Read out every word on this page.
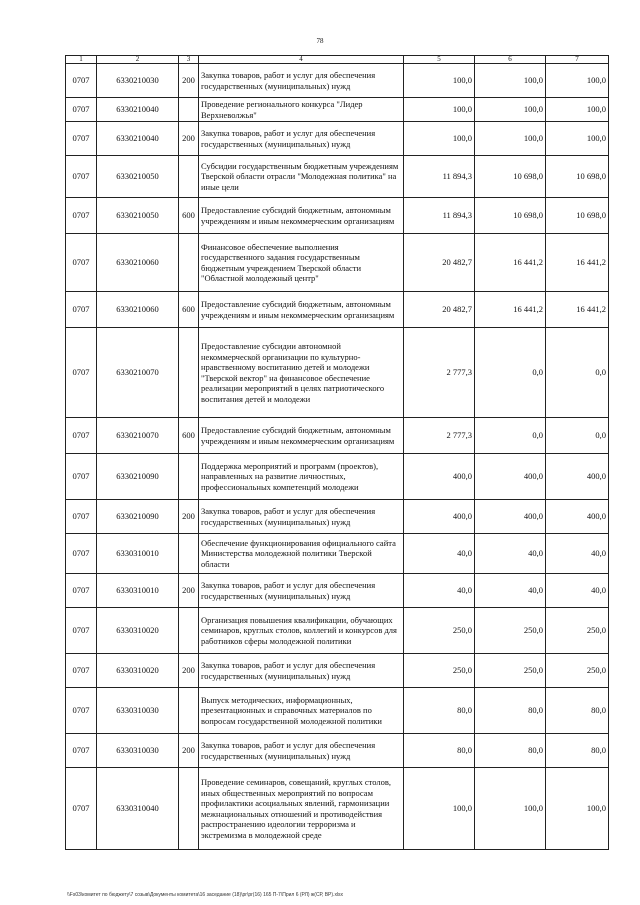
78
1	2	3	4	5	6	7
0707	6330210030	200	Закупка товаров, работ и услуг для обеспечения государственных (муниципальных) нужд	100,0	100,0	100,0
0707	6330210040		Проведение регионального конкурса "Лидер Верхневолжья"	100,0	100,0	100,0
0707	6330210040	200	Закупка товаров, работ и услуг для обеспечения государственных (муниципальных) нужд	100,0	100,0	100,0
0707	6330210050		Субсидии государственным бюджетным учреждениям Тверской области отрасли "Молодежная политика" на иные цели	11 894,3	10 698,0	10 698,0
0707	6330210050	600	Предоставление субсидий бюджетным, автономным учреждениям и иным некоммерческим организациям	11 894,3	10 698,0	10 698,0
0707	6330210060		Финансовое обеспечение выполнения государственного задания государственным бюджетным учреждением Тверской области "Областной молодежный центр"	20 482,7	16 441,2	16 441,2
0707	6330210060	600	Предоставление субсидий бюджетным, автономным учреждениям и иным некоммерческим организациям	20 482,7	16 441,2	16 441,2
0707	6330210070		Предоставление субсидии автономной некоммерческой организации по культурно-нравственному воспитанию детей и молодежи "Тверской вектор" на финансовое обеспечение реализации мероприятий в целях патриотического воспитания детей и молодежи	2 777,3	0,0	0,0
0707	6330210070	600	Предоставление субсидий бюджетным, автономным учреждениям и иным некоммерческим организациям	2 777,3	0,0	0,0
0707	6330210090		Поддержка мероприятий и программ (проектов), направленных на развитие личностных, профессиональных компетенций молодежи	400,0	400,0	400,0
0707	6330210090	200	Закупка товаров, работ и услуг для обеспечения государственных (муниципальных) нужд	400,0	400,0	400,0
0707	6330310010		Обеспечение функционирования официального сайта Министерства молодежной политики Тверской области	40,0	40,0	40,0
0707	6330310010	200	Закупка товаров, работ и услуг для обеспечения государственных (муниципальных) нужд	40,0	40,0	40,0
0707	6330310020		Организация повышения квалификации, обучающих семинаров, круглых столов, коллегий и конкурсов для работников сферы молодежной политики	250,0	250,0	250,0
0707	6330310020	200	Закупка товаров, работ и услуг для обеспечения государственных (муниципальных) нужд	250,0	250,0	250,0
0707	6330310030		Выпуск методических, информационных, презентационных и справочных материалов по вопросам государственной молодежной политики	80,0	80,0	80,0
0707	6330310030	200	Закупка товаров, работ и услуг для обеспечения государственных (муниципальных) нужд	80,0	80,0	80,0
0707	6330310040		Проведение семинаров, совещаний, круглых столов, иных общественных мероприятий по вопросам профилактики асоциальных явлений, гармонизации межнациональных отношений и противодействия распространению идеологии терроризма и экстремизма в молодежной среде	100,0	100,0	100,0
\\Fs03\комитет по бюджету\7 созыв\Документы комитета\16 заседание (18)\pr\pr(16) 165 П-7\Прил 6 (РЛ) ж(СР, ВР).xlsx
